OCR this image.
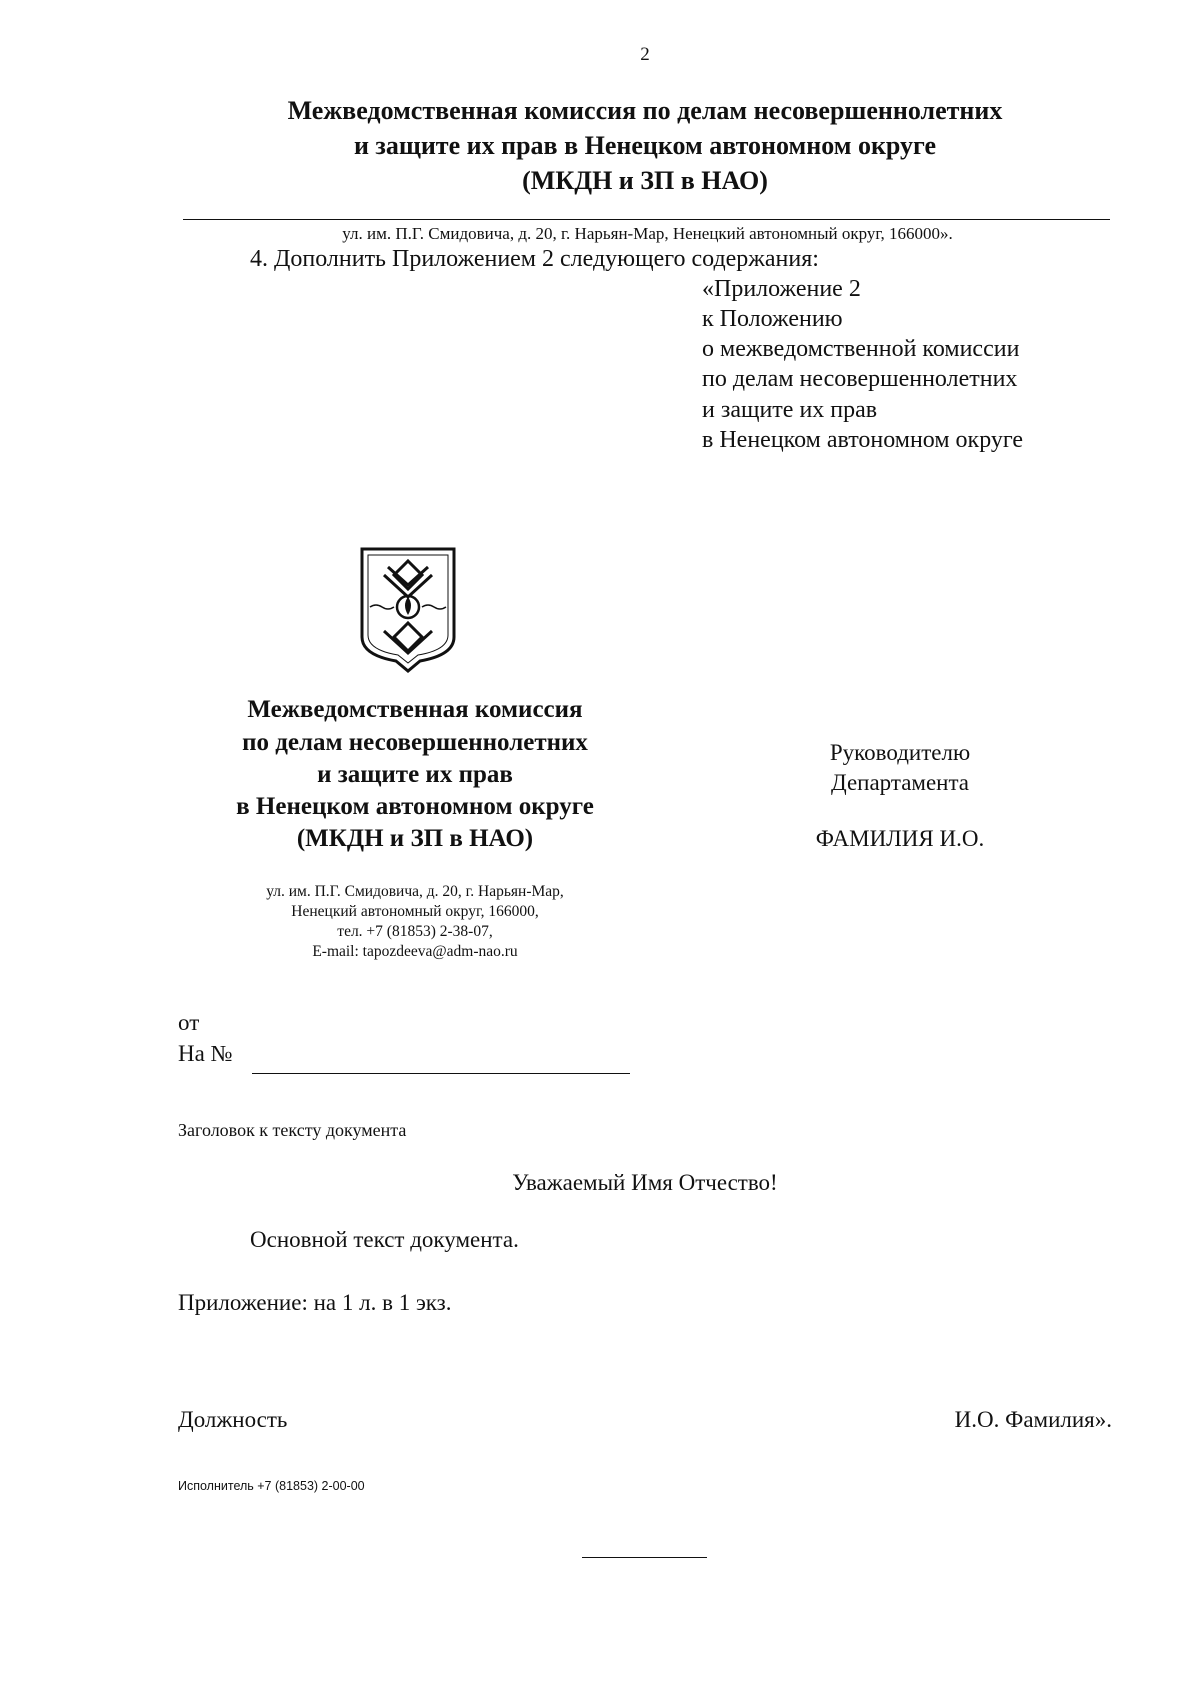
2
Межведомственная комиссия по делам несовершеннолетних
и защите их прав в Ненецком автономном округе
(МКДН и ЗП в НАО)
ул. им. П.Г. Смидовича, д. 20, г. Нарьян-Мар, Ненецкий автономный округ, 166000».
4. Дополнить Приложением 2 следующего содержания:
«Приложение 2
к Положению
о межведомственной комиссии
по делам несовершеннолетних
и защите их прав
в Ненецком автономном округе
Межведомственная комиссия
по делам несовершеннолетних
и защите их прав
в Ненецком автономном округе
(МКДН и ЗП в НАО)
ул. им. П.Г. Смидовича, д. 20, г. Нарьян-Мар,
Ненецкий автономный округ, 166000,
тел. +7 (81853) 2-38-07,
E-mail: tapozdeeva@adm-nao.ru
Руководителю
Департамента
ФАМИЛИЯ И.О.
от
На №
Заголовок к тексту документа
Уважаемый Имя Отчество!
Основной текст документа.
Приложение: на 1 л. в 1 экз.
Должность	И.О. Фамилия».
Исполнитель +7 (81853) 2-00-00
